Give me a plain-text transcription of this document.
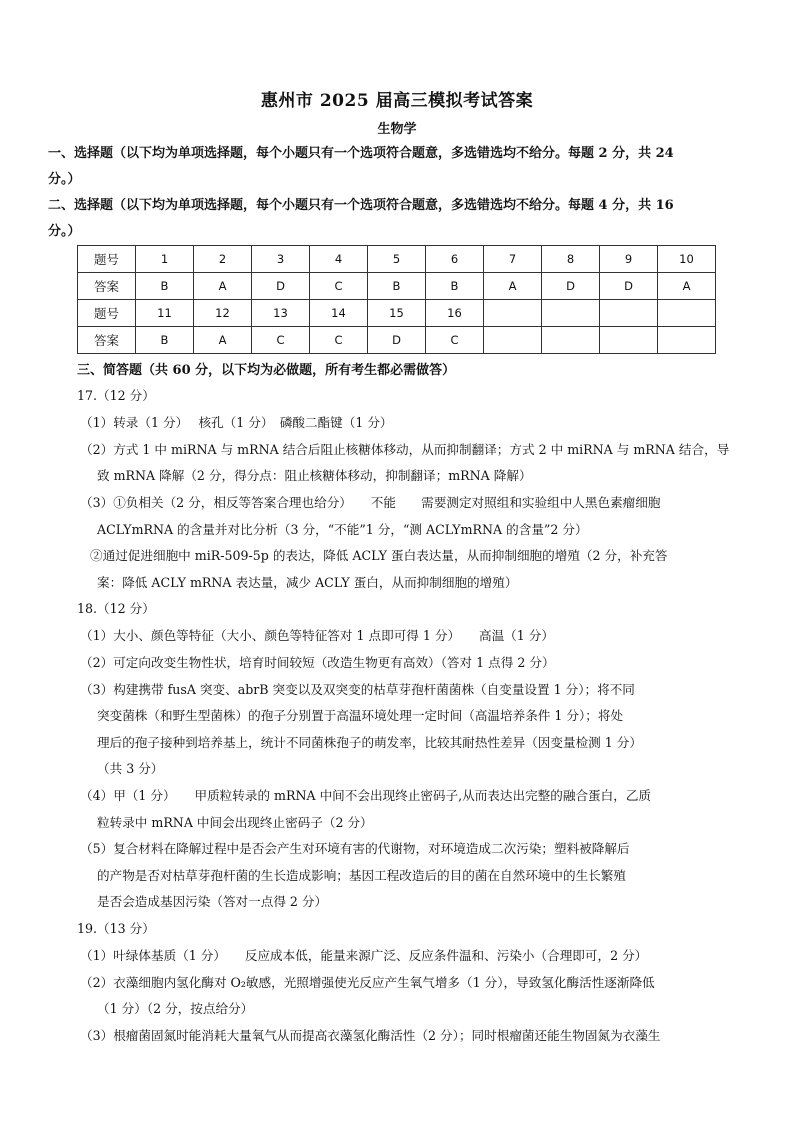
惠州市 2025 届高三模拟考试答案
生物学
一、选择题（以下均为单项选择题，每个小题只有一个选项符合题意，多选错选均不给分。每题 2 分，共 24
分。）
二、选择题（以下均为单项选择题，每个小题只有一个选项符合题意，多选错选均不给分。每题 4 分，共 16
分。）
题号	1	2	3	4	5	6	7	8	9	10
答案	B	A	D	C	B	B	A	D	D	A
题号	11	12	13	14	15	16				
答案	B	A	C	C	D	C				
三、简答题（共 60 分，以下均为必做题，所有考生都必需做答）
17.（12 分）
（1）转录（1 分）　 核孔（1 分）　磷酸二酯键（1 分）
（2）方式 1 中 miRNA 与 mRNA 结合后阻止核糖体移动，从而抑制翻译；方式 2 中 miRNA 与 mRNA 结合，导
致 mRNA 降解（2 分，得分点：阻止核糖体移动，抑制翻译；mRNA 降解）
（3）①负相关（2 分，相反等答案合理也给分）　　不能　　需要测定对照组和实验组中人黑色素瘤细胞
ACLYmRNA 的含量并对比分析（3 分，“不能”1 分，“测 ACLYmRNA 的含量”2 分）
②通过促进细胞中 miR-509-5p 的表达，降低 ACLY 蛋白表达量，从而抑制细胞的增殖（2 分，补充答
案：降低 ACLY mRNA 表达量，减少 ACLY 蛋白，从而抑制细胞的增殖）
18.（12 分）
（1）大小、颜色等特征（大小、颜色等特征答对 1 点即可得 1 分）　　高温（1 分）
（2）可定向改变生物性状，培育时间较短（改造生物更有高效）（答对 1 点得 2 分）
（3）构建携带 fusA 突变、abrB 突变以及双突变的枯草芽孢杆菌菌株（自变量设置 1 分）；将不同
突变菌株（和野生型菌株）的孢子分别置于高温环境处理一定时间（高温培养条件 1 分）；将处
理后的孢子接种到培养基上，统计不同菌株孢子的萌发率，比较其耐热性差异（因变量检测 1 分）
（共 3 分）
（4）甲（1 分）　　甲质粒转录的 mRNA 中间不会出现终止密码子,从而表达出完整的融合蛋白，乙质
粒转录中 mRNA 中间会出现终止密码子（2 分）
（5）复合材料在降解过程中是否会产生对环境有害的代谢物，对环境造成二次污染；塑料被降解后
的产物是否对枯草芽孢杆菌的生长造成影响；基因工程改造后的目的菌在自然环境中的生长繁殖
是否会造成基因污染（答对一点得 2 分）
19.（13 分）
（1）叶绿体基质（1 分）　　反应成本低，能量来源广泛、反应条件温和、污染小（合理即可，2 分）
（2）衣藻细胞内氢化酶对 O₂敏感，光照增强使光反应产生氧气增多（1 分），导致氢化酶活性逐渐降低
（1 分）（2 分，按点给分）
（3）根瘤菌固氮时能消耗大量氧气从而提高衣藻氢化酶活性（2 分）；同时根瘤菌还能生物固氮为衣藻生
